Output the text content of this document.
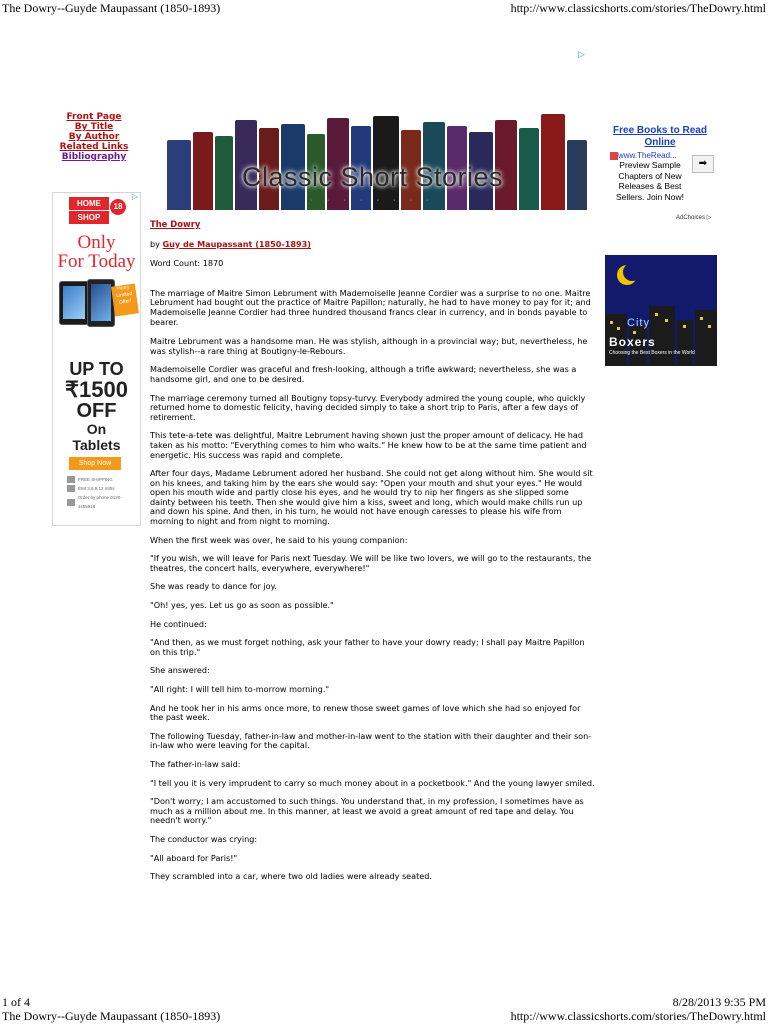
The Dowry--Guyde Maupassant (1850-1893)	http://www.classicshorts.com/stories/TheDowry.html
▷
Front Page
By Title
By Author
Related Links
Bibliography
▷
HOME
SHOP
18
Only
For Today
Hurry Limited Offer!
UP TO
₹1500
OFF
On
Tablets
Shop Now
FREE SHIPPING
EMI 3,6,9,12 mths
Order by phone 0120-4455918
Classic Short Stories
• • • • • • • •
Free Books to Read Online
www.TheRead...
Preview Sample Chapters of New Releases & Best Sellers. Join Now!
➡
AdChoices ▷
City
Boxers
Choosing the Best Boxers in the World

The Dowry

by Guy de Maupassant (1850-1893)

Word Count: 1870

The marriage of Maitre Simon Lebrument with Mademoiselle Jeanne Cordier was a surprise to no one. Maitre Lebrument had bought out the practice of Maitre Papillon; naturally, he had to have money to pay for it; and Mademoiselle Jeanne Cordier had three hundred thousand francs clear in currency, and in bonds payable to bearer.

Maitre Lebrument was a handsome man. He was stylish, although in a provincial way; but, nevertheless, he was stylish--a rare thing at Boutigny-le-Rebours.

Mademoiselle Cordier was graceful and fresh-looking, although a trifle awkward; nevertheless, she was a handsome girl, and one to be desired.

The marriage ceremony turned all Boutigny topsy-turvy. Everybody admired the young couple, who quickly returned home to domestic felicity, having decided simply to take a short trip to Paris, after a few days of retirement.

This tete-a-tete was delightful, Maitre Lebrument having shown just the proper amount of delicacy. He had taken as his motto: "Everything comes to him who waits." He knew how to be at the same time patient and energetic. His success was rapid and complete.

After four days, Madame Lebrument adored her husband. She could not get along without him. She would sit on his knees, and taking him by the ears she would say: "Open your mouth and shut your eyes." He would open his mouth wide and partly close his eyes, and he would try to nip her fingers as she slipped some dainty between his teeth. Then she would give him a kiss, sweet and long, which would make chills run up and down his spine. And then, in his turn, he would not have enough caresses to please his wife from morning to night and from night to morning.

When the first week was over, he said to his young companion:

"If you wish, we will leave for Paris next Tuesday. We will be like two lovers, we will go to the restaurants, the theatres, the concert halls, everywhere, everywhere!"

She was ready to dance for joy.

"Oh! yes, yes. Let us go as soon as possible."

He continued:

"And then, as we must forget nothing, ask your father to have your dowry ready; I shall pay Maitre Papillon on this trip."

She answered:

"All right: I will tell him to-morrow morning."

And he took her in his arms once more, to renew those sweet games of love which she had so enjoyed for the past week.

The following Tuesday, father-in-law and mother-in-law went to the station with their daughter and their son-in-law who were leaving for the capital.

The father-in-law said:

"I tell you it is very imprudent to carry so much money about in a pocketbook." And the young lawyer smiled.

"Don't worry; I am accustomed to such things. You understand that, in my profession, I sometimes have as much as a million about me. In this manner, at least we avoid a great amount of red tape and delay. You needn't worry."

The conductor was crying:

"All aboard for Paris!"

They scrambled into a car, where two old ladies were already seated.

1 of 4	8/28/2013 9:35 PM
The Dowry--Guyde Maupassant (1850-1893)	http://www.classicshorts.com/stories/TheDowry.html
